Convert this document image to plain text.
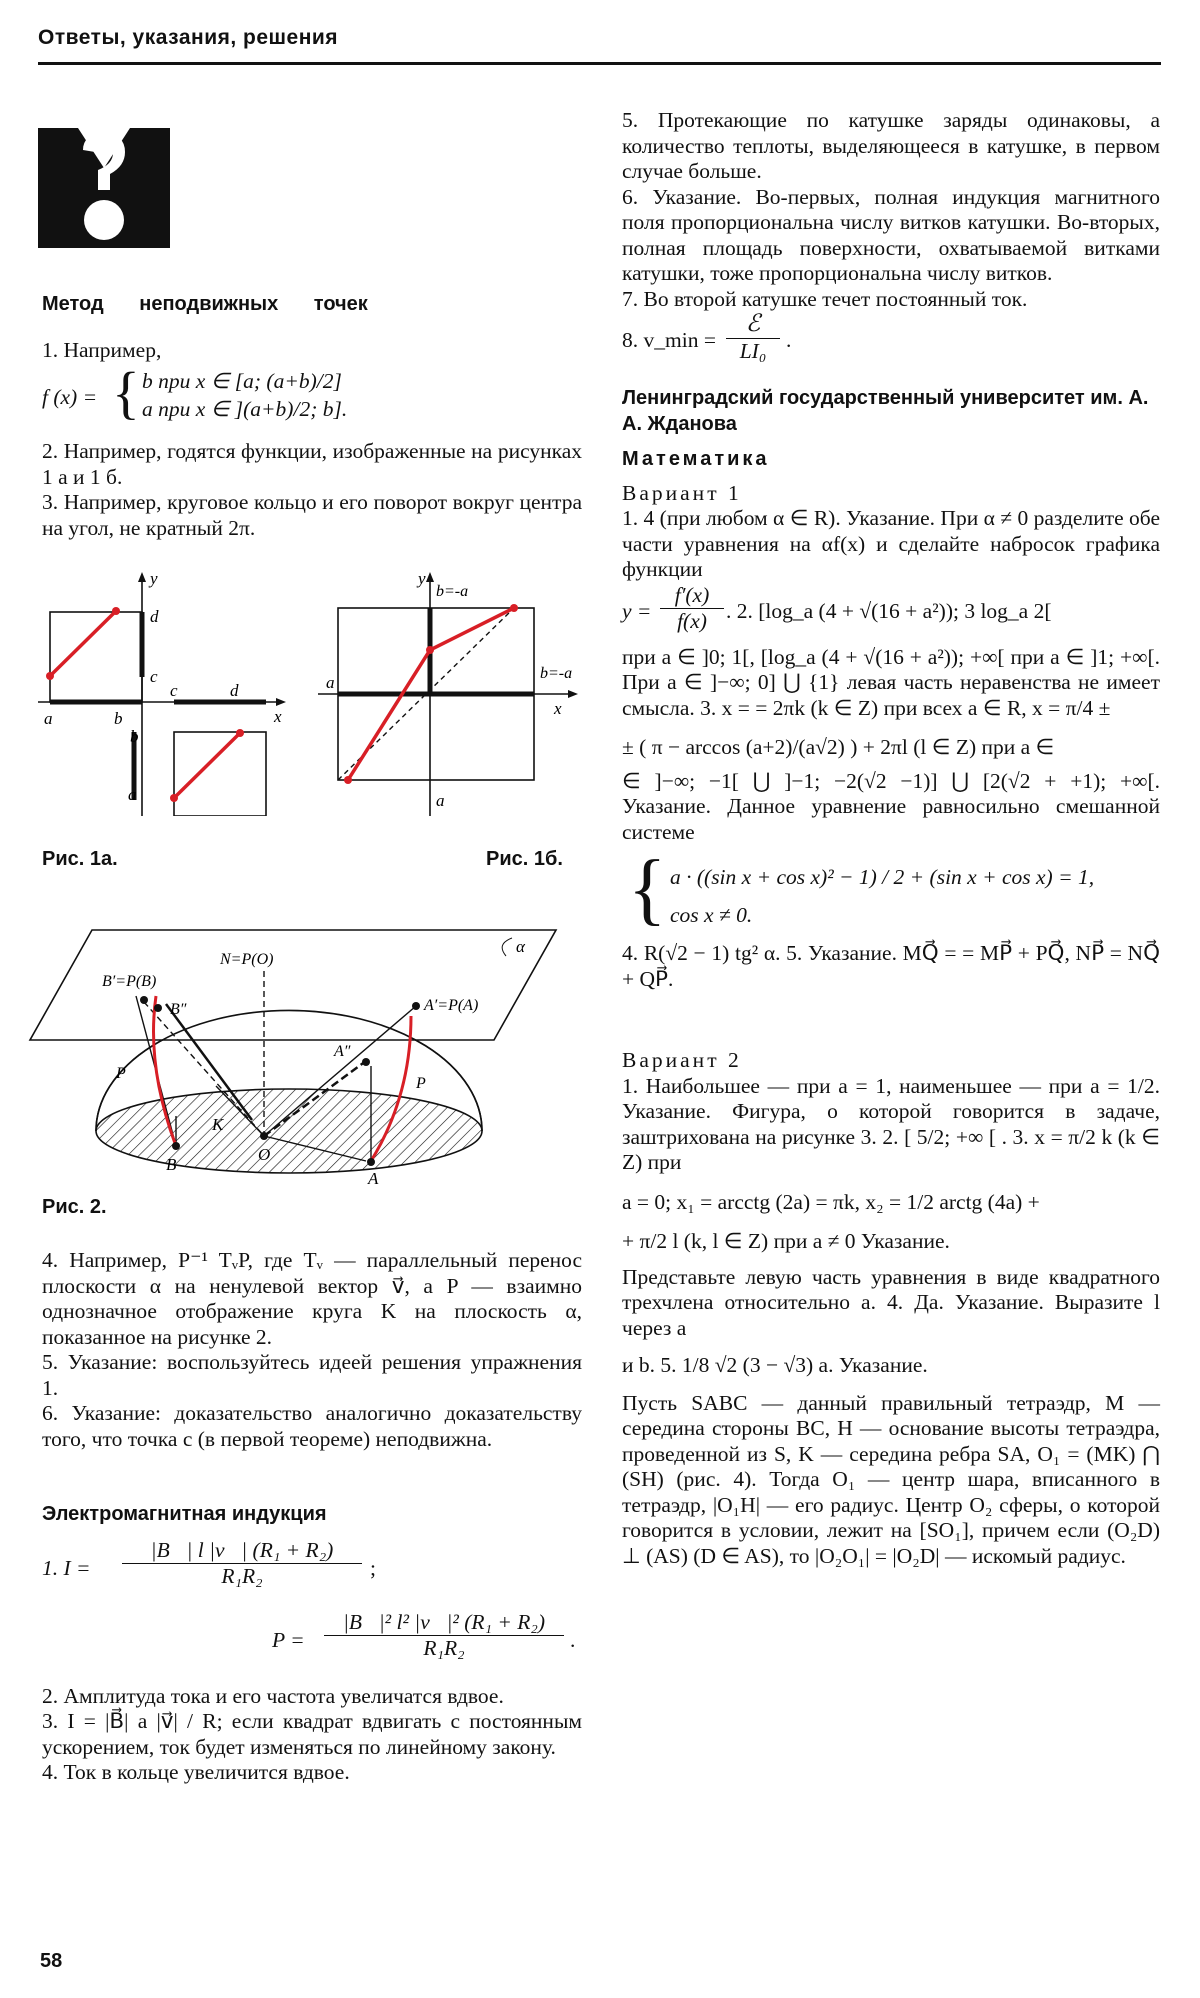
Ответы, указания, решения

Метод неподвижных точек

1. Например,

f (x) = { b при x ∈ [a; (a+b)/2]
a при x ∈ ](a+b)/2; b].

2. Например, годятся функции, изображенные на рисунках 1 а и 1 б.

3. Например, круговое кольцо и его поворот вокруг центра на угол, не кратный 2π.

y
x
d
c
a	b
c	d
b
a
y
b=-a
b=-a
a
x
a
Рис. 1а.	Рис. 1б.
α
B′=P(B)
B″
N=P(O)
A′=P(A)
A″
P
P
K
B
O
A
Рис. 2.

4. Например, P⁻¹ TᵥP, где Tᵥ — параллельный перенос плоскости α на ненулевой вектор v⃗, а P — взаимно однозначное отображение круга K на плоскость α, показанное на рисунке 2.

5. Указание: воспользуйтесь идеей решения упражнения 1.

6. Указание: доказательство аналогично доказательству того, что точка c (в первой теореме) неподвижна.

Электромагнитная индукция

1. $I = \frac{\text{|B⃗| l |v⃗| (R₁ + R₂)}}{\text{R₁R₂}}$ ;
$P = \frac{\text{|B⃗|² l² |v⃗|² (R₁ + R₂)}}{\text{R₁R₂}}$ .

2. Амплитуда тока и его частота увеличатся вдвое.

3. I = |B⃗| a |v⃗| / R; если квадрат вдвигать с постоянным ускорением, ток будет изменяться по линейному закону.

4. Ток в кольце увеличится вдвое.

5. Протекающие по катушке заряды одинаковы, а количество теплоты, выделяющееся в катушке, в первом случае больше.

6. Указание. Во-первых, полная индукция магнитного поля пропорциональна числу витков катушки. Во-вторых, полная площадь поверхности, охватываемой витками катушки, тоже пропорциональна числу витков.

7. Во второй катушке течет постоянный ток.

8. v_min =
ℰ
LI₀ .

Ленинградский государственный университет им. А. А. Жданова

Математика

Вариант 1

1. 4 (при любом α ∈ R). Указание. При α ≠ 0 разделите обе части уравнения на αf(x) и сделайте набросок графика функции

$y = \frac{f'(x)}{f(x)}$ . 2. [log_a (4 + √(16 + a²)); 3 log_a 2[

при a ∈ ]0; 1[, [log_a (4 + √(16 + a²)); +∞[ при a ∈ ]1; +∞[. При a ∈ ]−∞; 0] ⋃ {1} левая часть неравенства не имеет смысла. 3. x = = 2πk (k ∈ Z) при всех a ∈ R, x = π/4 ±

± ( π − arccos (a+2)/(a√2) ) + 2πl (l ∈ Z) при a ∈

∈ ]−∞; −1[ ⋃ ]−1; −2(√2 −1)] ⋃ [2(√2 + +1); +∞[. Указание. Данное уравнение равносильно смешанной системе

{ a · ((sin x + cos x)² − 1) / 2 + (sin x + cos x) = 1,
cos x ≠ 0.

4. R(√2 − 1) tg² α. 5. Указание. MQ⃗ = = MP⃗ + PQ⃗, NP⃗ = NQ⃗ + QP⃗.

Вариант 2

1. Наибольшее — при a = 1, наименьшее — при a = 1/2. Указание. Фигура, о которой говорится в задаче, заштрихована на рисунке 3. 2. [ 5/2; +∞ [ . 3. x = π/2 k (k ∈ Z) при

a = 0; x₁ = arcctg (2a) = πk, x₂ = 1/2 arctg (4a) +

+ π/2 l (k, l ∈ Z) при a ≠ 0 Указание.

Представьте левую часть уравнения в виде квадратного трехчлена относительно a. 4. Да. Указание. Выразите l через a

и b. 5. 1/8 √2 (3 − √3) a. Указание.

Пусть SABC — данный правильный тетраэдр, M — середина стороны BC, H — основание высоты тетраэдра, проведенной из S, K — середина ребра SA, O₁ = (MK) ⋂ (SH) (рис. 4). Тогда O₁ — центр шара, вписанного в тетраэдр, |O₁H| — его радиус. Центр O₂ сферы, о которой говорится в условии, лежит на [SO₁], причем если (O₂D) ⊥ (AS) (D ∈ AS), то |O₂O₁| = |O₂D| — искомый радиус.

58
